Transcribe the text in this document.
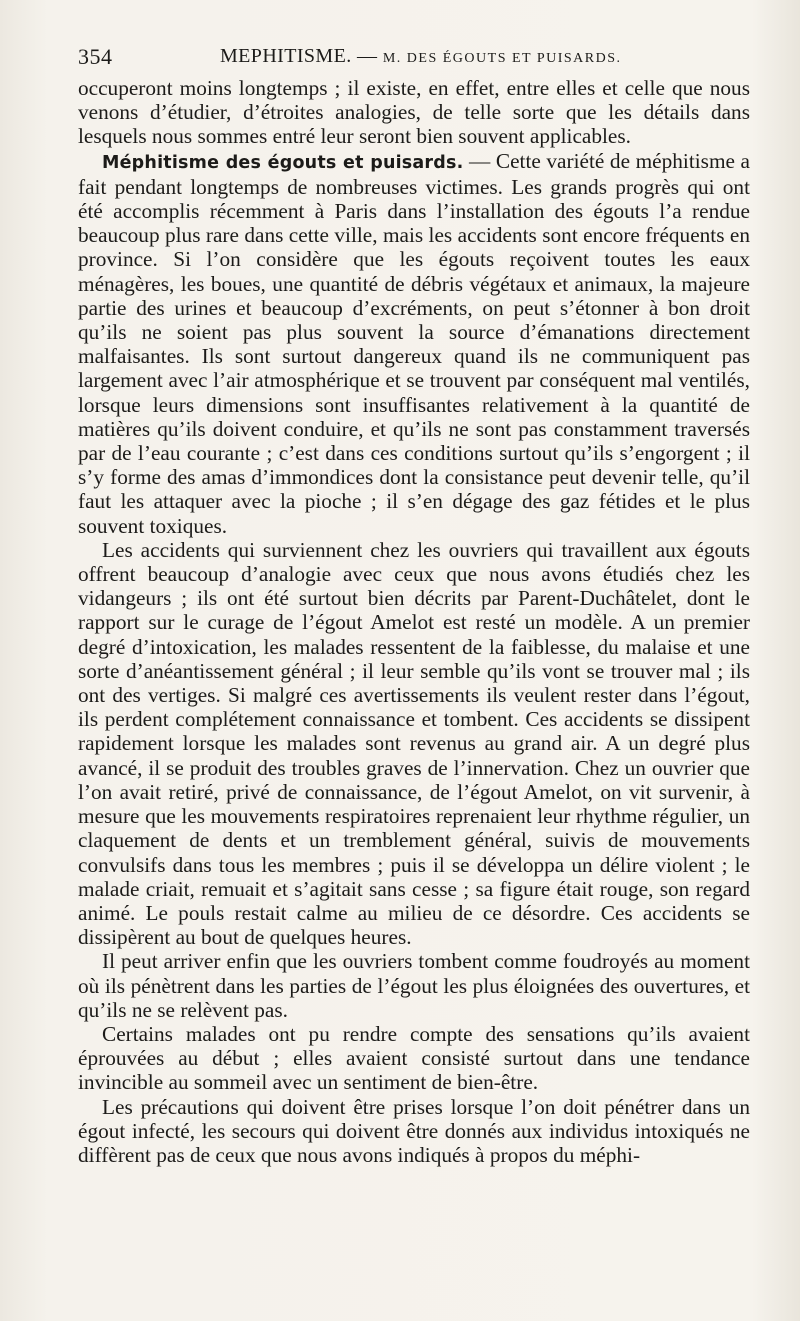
354	MEPHITISME. — M. DES ÉGOUTS ET PUISARDS.

occuperont moins longtemps ; il existe, en effet, entre elles et celle que nous venons d’étudier, d’étroites analogies, de telle sorte que les détails dans lesquels nous sommes entré leur seront bien souvent applicables.

Méphitisme des égouts et puisards. — Cette variété de méphitisme a fait pendant longtemps de nombreuses victimes. Les grands progrès qui ont été accomplis récemment à Paris dans l’installation des égouts l’a rendue beaucoup plus rare dans cette ville, mais les accidents sont encore fréquents en province. Si l’on considère que les égouts reçoivent toutes les eaux ménagères, les boues, une quantité de débris végétaux et animaux, la majeure partie des urines et beaucoup d’excréments, on peut s’étonner à bon droit qu’ils ne soient pas plus souvent la source d’émanations directement malfaisantes. Ils sont surtout dangereux quand ils ne communiquent pas largement avec l’air atmosphérique et se trouvent par conséquent mal ventilés, lorsque leurs dimensions sont insuffisantes relativement à la quantité de matières qu’ils doivent conduire, et qu’ils ne sont pas constamment traversés par de l’eau courante ; c’est dans ces conditions surtout qu’ils s’engorgent ; il s’y forme des amas d’immondices dont la consistance peut devenir telle, qu’il faut les attaquer avec la pioche ; il s’en dégage des gaz fétides et le plus souvent toxiques.

Les accidents qui surviennent chez les ouvriers qui travaillent aux égouts offrent beaucoup d’analogie avec ceux que nous avons étudiés chez les vidangeurs ; ils ont été surtout bien décrits par Parent-Duchâtelet, dont le rapport sur le curage de l’égout Amelot est resté un modèle. A un premier degré d’intoxication, les malades ressentent de la faiblesse, du malaise et une sorte d’anéantissement général ; il leur semble qu’ils vont se trouver mal ; ils ont des vertiges. Si malgré ces avertissements ils veulent rester dans l’égout, ils perdent complétement connaissance et tombent. Ces accidents se dissipent rapidement lorsque les malades sont revenus au grand air. A un degré plus avancé, il se produit des troubles graves de l’innervation. Chez un ouvrier que l’on avait retiré, privé de connaissance, de l’égout Amelot, on vit survenir, à mesure que les mouvements respiratoires reprenaient leur rhythme régulier, un claquement de dents et un tremblement général, suivis de mouvements convulsifs dans tous les membres ; puis il se développa un délire violent ; le malade criait, remuait et s’agitait sans cesse ; sa figure était rouge, son regard animé. Le pouls restait calme au milieu de ce désordre. Ces accidents se dissipèrent au bout de quelques heures.

Il peut arriver enfin que les ouvriers tombent comme foudroyés au moment où ils pénètrent dans les parties de l’égout les plus éloignées des ouvertures, et qu’ils ne se relèvent pas.

Certains malades ont pu rendre compte des sensations qu’ils avaient éprouvées au début ; elles avaient consisté surtout dans une tendance invincible au sommeil avec un sentiment de bien-être.

Les précautions qui doivent être prises lorsque l’on doit pénétrer dans un égout infecté, les secours qui doivent être donnés aux individus intoxiqués ne diffèrent pas de ceux que nous avons indiqués à propos du méphi-
